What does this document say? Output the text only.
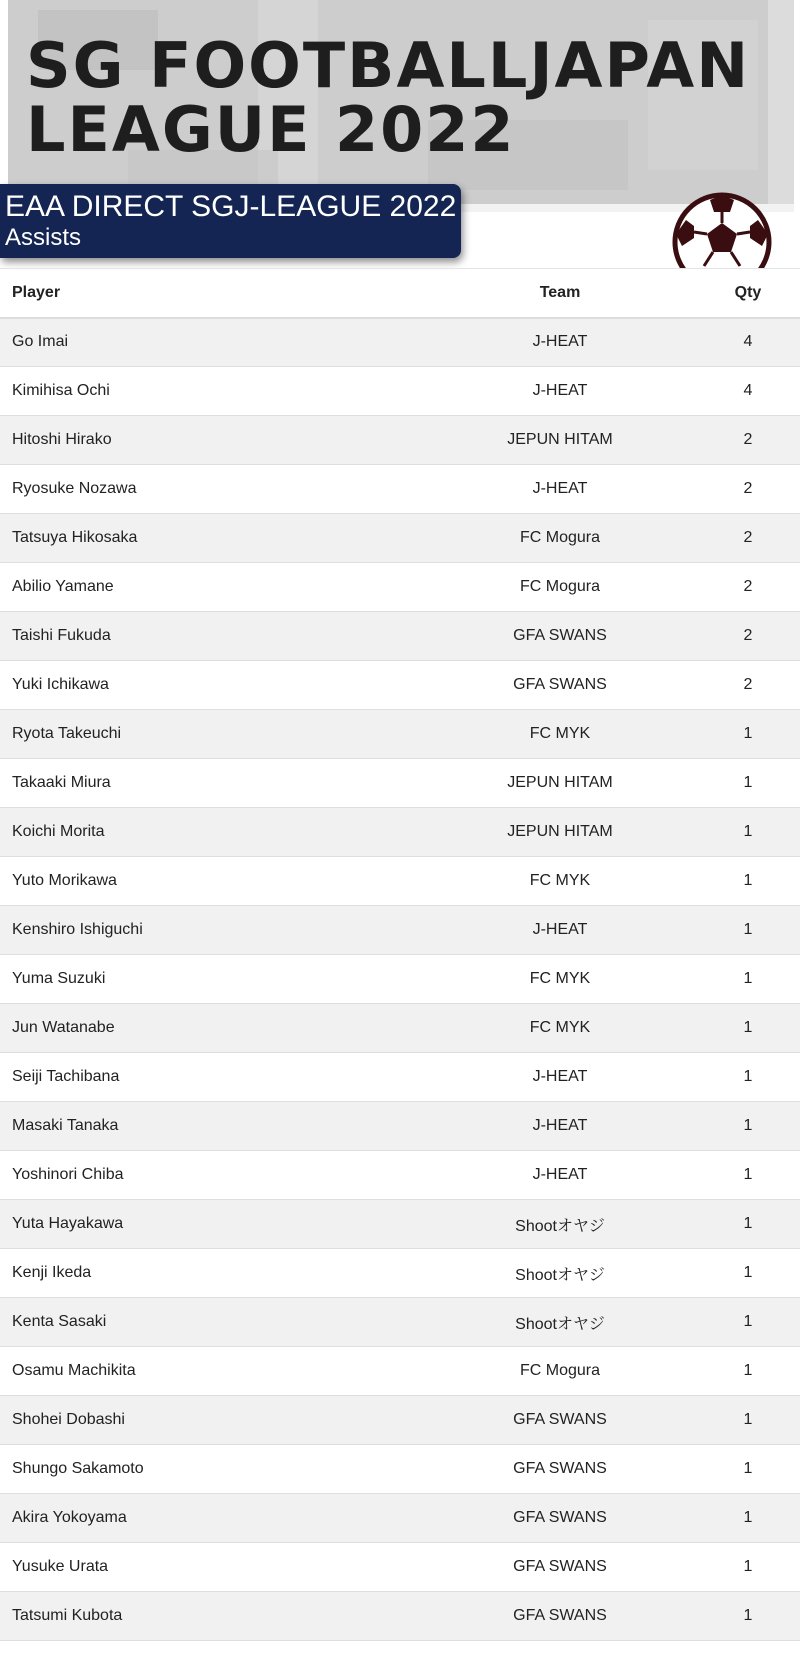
SG FOOTBALLJAPAN
LEAGUE 2022
EAA DIRECT SGJ-LEAGUE 2022
Assists
Player	Team	Qty
Go Imai	J-HEAT	4
Kimihisa Ochi	J-HEAT	4
Hitoshi Hirako	JEPUN HITAM	2
Ryosuke Nozawa	J-HEAT	2
Tatsuya Hikosaka	FC Mogura	2
Abilio Yamane	FC Mogura	2
Taishi Fukuda	GFA SWANS	2
Yuki Ichikawa	GFA SWANS	2
Ryota Takeuchi	FC MYK	1
Takaaki Miura	JEPUN HITAM	1
Koichi Morita	JEPUN HITAM	1
Yuto Morikawa	FC MYK	1
Kenshiro Ishiguchi	J-HEAT	1
Yuma Suzuki	FC MYK	1
Jun Watanabe	FC MYK	1
Seiji Tachibana	J-HEAT	1
Masaki Tanaka	J-HEAT	1
Yoshinori Chiba	J-HEAT	1
Yuta Hayakawa	Shootオヤジ	1
Kenji Ikeda	Shootオヤジ	1
Kenta Sasaki	Shootオヤジ	1
Osamu Machikita	FC Mogura	1
Shohei Dobashi	GFA SWANS	1
Shungo Sakamoto	GFA SWANS	1
Akira Yokoyama	GFA SWANS	1
Yusuke Urata	GFA SWANS	1
Tatsumi Kubota	GFA SWANS	1
